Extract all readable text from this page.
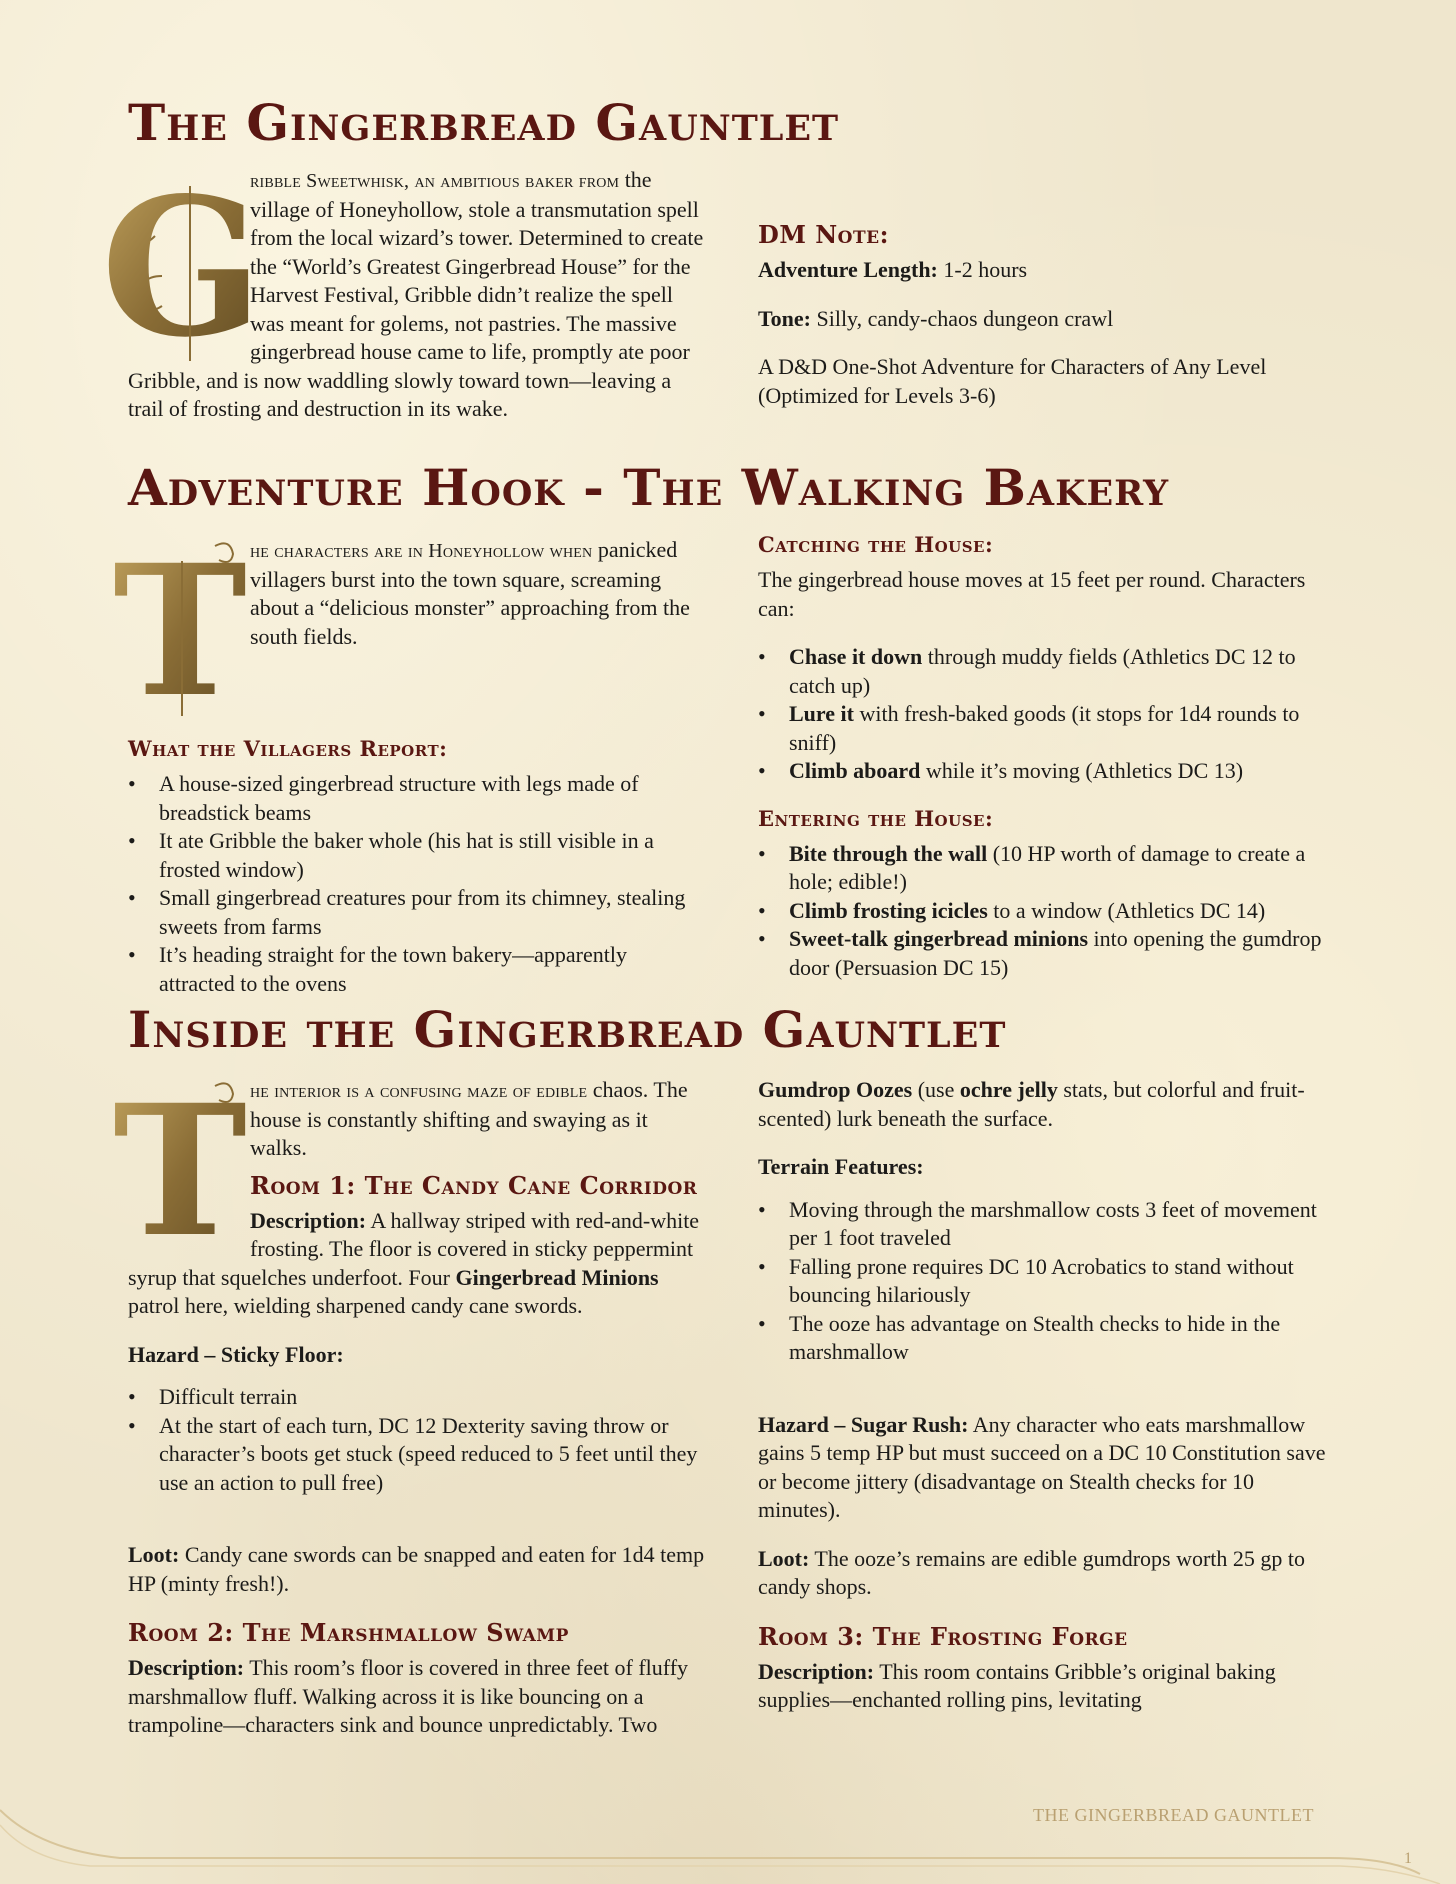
The Gingerbread Gauntlet
G

ribble Sweetwhisk, an ambitious baker from the village of Honeyhollow, stole a transmutation spell from the local wizard’s tower. Determined to create the “World’s Greatest Gingerbread House” for the Harvest Festival, Gribble didn’t realize the spell was meant for golems, not pastries. The massive gingerbread house came to life, promptly ate poor Gribble, and is now waddling slowly toward town—leaving a trail of frosting and destruction in its wake.

DM Note:

Adventure Length: 1-2 hours

Tone: Silly, candy-chaos dungeon crawl

A D&D One-Shot Adventure for Characters of Any Level (Optimized for Levels 3-6)

Adventure Hook - The Walking Bakery
T he characters are in Honeyhollow when panicked villagers burst into the town square, screaming about a “delicious monster” approaching from the south fields.

What the Villagers Report:
• A house-sized gingerbread structure with legs made of breadstick beams
• It ate Gribble the baker whole (his hat is still visible in a frosted window)
• Small gingerbread creatures pour from its chimney, stealing sweets from farms
• It’s heading straight for the town bakery—apparently attracted to the ovens
Catching the House:

The gingerbread house moves at 15 feet per round. Characters can:

• Chase it down through muddy fields (Athletics DC 12 to catch up)
• Lure it with fresh-baked goods (it stops for 1d4 rounds to sniff)
• Climb aboard while it’s moving (Athletics DC 13)
Entering the House:
• Bite through the wall (10 HP worth of damage to create a hole; edible!)
• Climb frosting icicles to a window (Athletics DC 14)
• Sweet-talk gingerbread minions into opening the gumdrop door (Persuasion DC 15)
Inside the Gingerbread Gauntlet
T he interior is a confusing maze of edible chaos. The house is constantly shifting and swaying as it walks.

Room 1: The Candy Cane Corridor

Description: A hallway striped with red-and-white frosting. The floor is covered in sticky peppermint syrup that squelches underfoot. Four Gingerbread Minions patrol here, wielding sharpened candy cane swords.

Hazard – Sticky Floor:

• Difficult terrain
• At the start of each turn, DC 12 Dexterity saving throw or character’s boots get stuck (speed reduced to 5 feet until they use an action to pull free)

Loot: Candy cane swords can be snapped and eaten for 1d4 temp HP (minty fresh!).

Room 2: The Marshmallow Swamp

Description: This room’s floor is covered in three feet of fluffy marshmallow fluff. Walking across it is like bouncing on a trampoline—characters sink and bounce unpredictably. Two

Gumdrop Oozes (use ochre jelly stats, but colorful and fruit-scented) lurk beneath the surface.

Terrain Features:

• Moving through the marshmallow costs 3 feet of movement per 1 foot traveled
• Falling prone requires DC 10 Acrobatics to stand without bouncing hilariously
• The ooze has advantage on Stealth checks to hide in the marshmallow

Hazard – Sugar Rush: Any character who eats marshmallow gains 5 temp HP but must succeed on a DC 10 Constitution save or become jittery (disadvantage on Stealth checks for 10 minutes).

Loot: The ooze’s remains are edible gumdrops worth 25 gp to candy shops.

Room 3: The Frosting Forge

Description: This room contains Gribble’s original baking supplies—enchanted rolling pins, levitating

THE GINGERBREAD GAUNTLET
1
